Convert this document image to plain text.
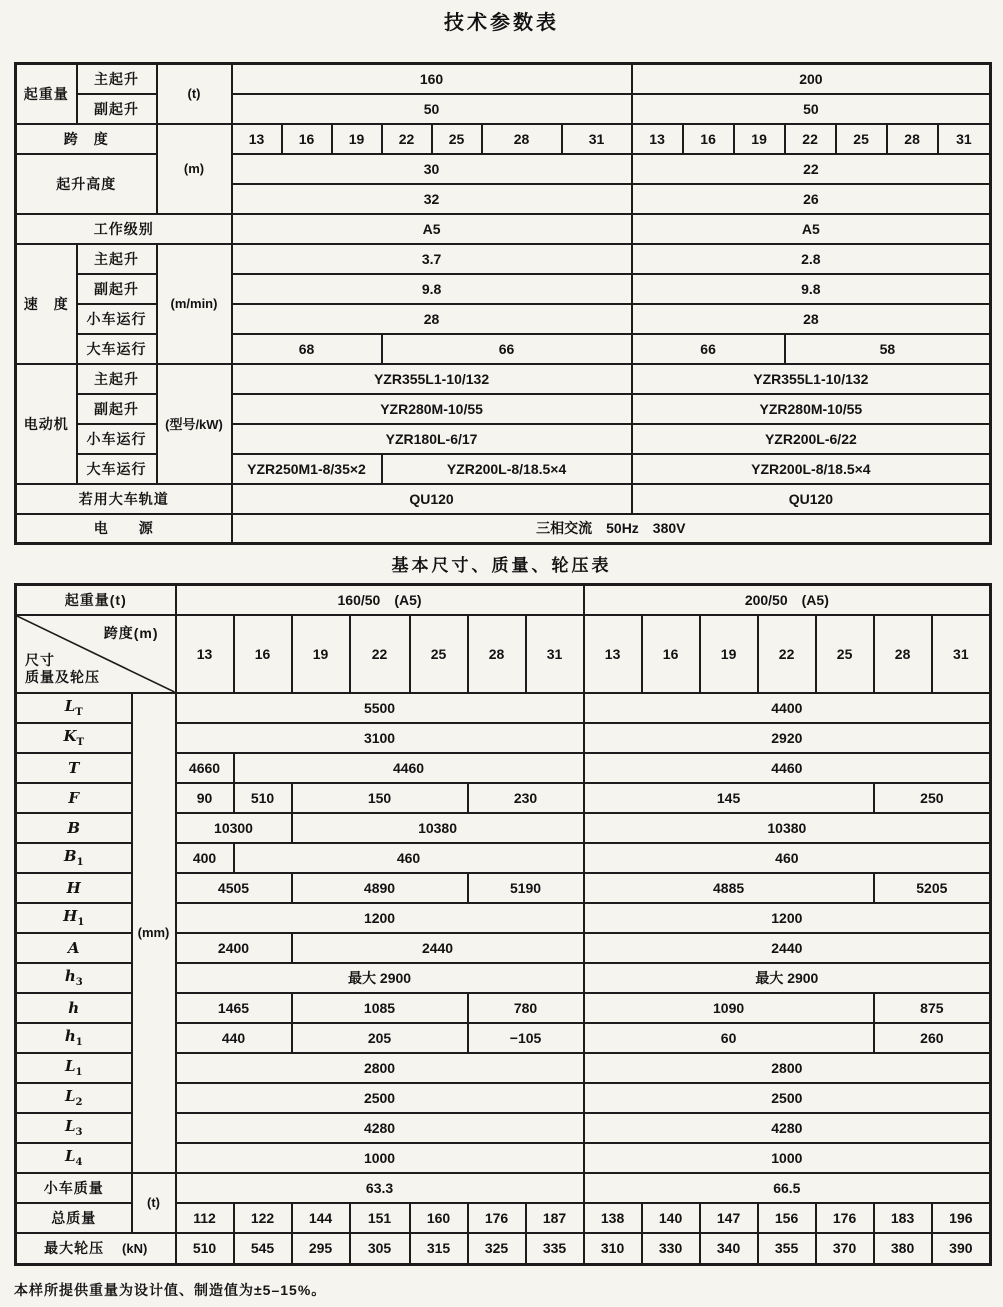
技术参数表
起重量	主起升	(t)	160							200						
	副起升		50							50						
跨　度		(m)	13	16	19	22	25	28	31	13	16	19	22	25	28	31
起升高度			30							22						
			32							26						
工作级别			A5							A5						
速　度	主起升	(m/min)	3.7							2.8						
	副起升		9.8							9.8						
	小车运行		28							28						
	大车运行		68			66				66			58			
电动机	主起升	(型号/kW)	YZR355L1-10/132							YZR355L1-10/132						
	副起升		YZR280M-10/55							YZR280M-10/55						
	小车运行		YZR180L-6/17							YZR200L-6/22						
	大车运行		YZR250M1-8/35×2			YZR200L-8/18.5×4				YZR200L-8/18.5×4						
若用大车轨道			QU120							QU120						
电　　源			三相交流　50Hz　380V													
基本尺寸、质量、轮压表
起重量(t)		160/50　(A5)							200/50　(A5)						

跨度(m)
尺寸
质量及轮压		13	16	19	22	25	28	31	13	16	19	22	25	28	31
$L_T$	(mm)	5500							4400						
$K_T$		3100							2920						
T		4660	4460						4460						
F		90	510	150			230		145					250	
B		10300		10380					10380						
$B_1$		400	460						460						
H		4505		4890			5190		4885					5205	
$H_1$		1200							1200						
A		2400		2440					2440						
$h_3$		最大 2900							最大 2900						
h		1465		1085			780		1090					875	
$h_1$		440		205			−105		60					260	
$L_1$		2800							2800						
$L_2$		2500							2500						
$L_3$		4280							4280						
$L_4$		1000							1000						
小车质量	(t)	63.3							66.5						
总质量		112	122	144	151	160	176	187	138	140	147	156	176	183	196
最大轮压 (kN)		510	545	295	305	315	325	335	310	330	340	355	370	380	390
本样所提供重量为设计值、制造值为±5–15%。
